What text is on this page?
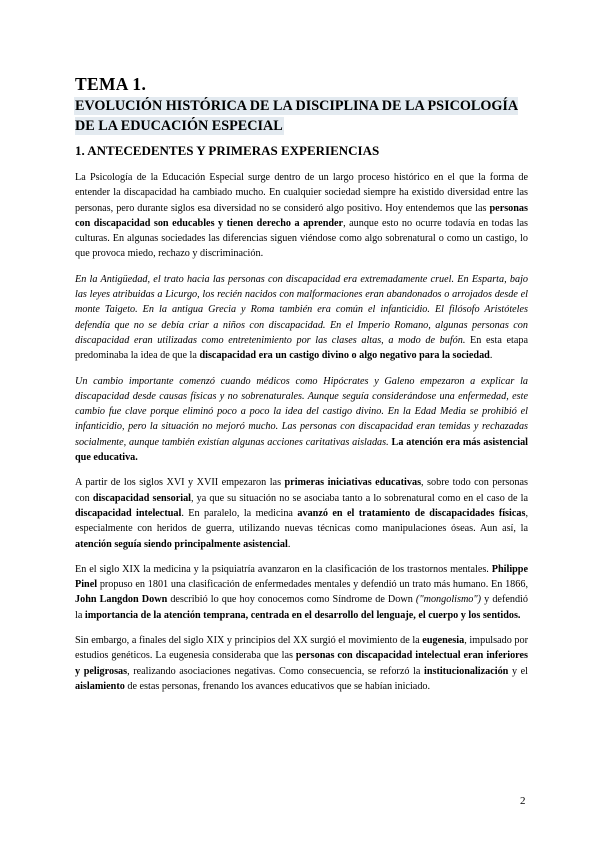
TEMA 1.
EVOLUCIÓN HISTÓRICA DE LA DISCIPLINA DE LA PSICOLOGÍA DE LA EDUCACIÓN ESPECIAL
1. ANTECEDENTES Y PRIMERAS EXPERIENCIAS

La Psicología de la Educación Especial surge dentro de un largo proceso histórico en el que la forma de entender la discapacidad ha cambiado mucho. En cualquier sociedad siempre ha existido diversidad entre las personas, pero durante siglos esa diversidad no se consideró algo positivo. Hoy entendemos que las personas con discapacidad son educables y tienen derecho a aprender, aunque esto no ocurre todavía en todas las culturas. En algunas sociedades las diferencias siguen viéndose como algo sobrenatural o como un castigo, lo que provoca miedo, rechazo y discriminación.

En la Antigüedad, el trato hacia las personas con discapacidad era extremadamente cruel. En Esparta, bajo las leyes atribuidas a Licurgo, los recién nacidos con malformaciones eran abandonados o arrojados desde el monte Taigeto. En la antigua Grecia y Roma también era común el infanticidio. El filósofo Aristóteles defendía que no se debía criar a niños con discapacidad. En el Imperio Romano, algunas personas con discapacidad eran utilizadas como entretenimiento por las clases altas, a modo de bufón. En esta etapa predominaba la idea de que la discapacidad era un castigo divino o algo negativo para la sociedad.

Un cambio importante comenzó cuando médicos como Hipócrates y Galeno empezaron a explicar la discapacidad desde causas físicas y no sobrenaturales. Aunque seguía considerándose una enfermedad, este cambio fue clave porque eliminó poco a poco la idea del castigo divino. En la Edad Media se prohibió el infanticidio, pero la situación no mejoró mucho. Las personas con discapacidad eran temidas y rechazadas socialmente, aunque también existían algunas acciones caritativas aisladas. La atención era más asistencial que educativa.

A partir de los siglos XVI y XVII empezaron las primeras iniciativas educativas, sobre todo con personas con discapacidad sensorial, ya que su situación no se asociaba tanto a lo sobrenatural como en el caso de la discapacidad intelectual. En paralelo, la medicina avanzó en el tratamiento de discapacidades físicas, especialmente con heridos de guerra, utilizando nuevas técnicas como manipulaciones óseas. Aun así, la atención seguía siendo principalmente asistencial.

En el siglo XIX la medicina y la psiquiatría avanzaron en la clasificación de los trastornos mentales. Philippe Pinel propuso en 1801 una clasificación de enfermedades mentales y defendió un trato más humano. En 1866, John Langdon Down describió lo que hoy conocemos como Síndrome de Down ("mongolismo") y defendió la importancia de la atención temprana, centrada en el desarrollo del lenguaje, el cuerpo y los sentidos.

Sin embargo, a finales del siglo XIX y principios del XX surgió el movimiento de la eugenesia, impulsado por estudios genéticos. La eugenesia consideraba que las personas con discapacidad intelectual eran inferiores y peligrosas, realizando asociaciones negativas. Como consecuencia, se reforzó la institucionalización y el aislamiento de estas personas, frenando los avances educativos que se habían iniciado.

2
